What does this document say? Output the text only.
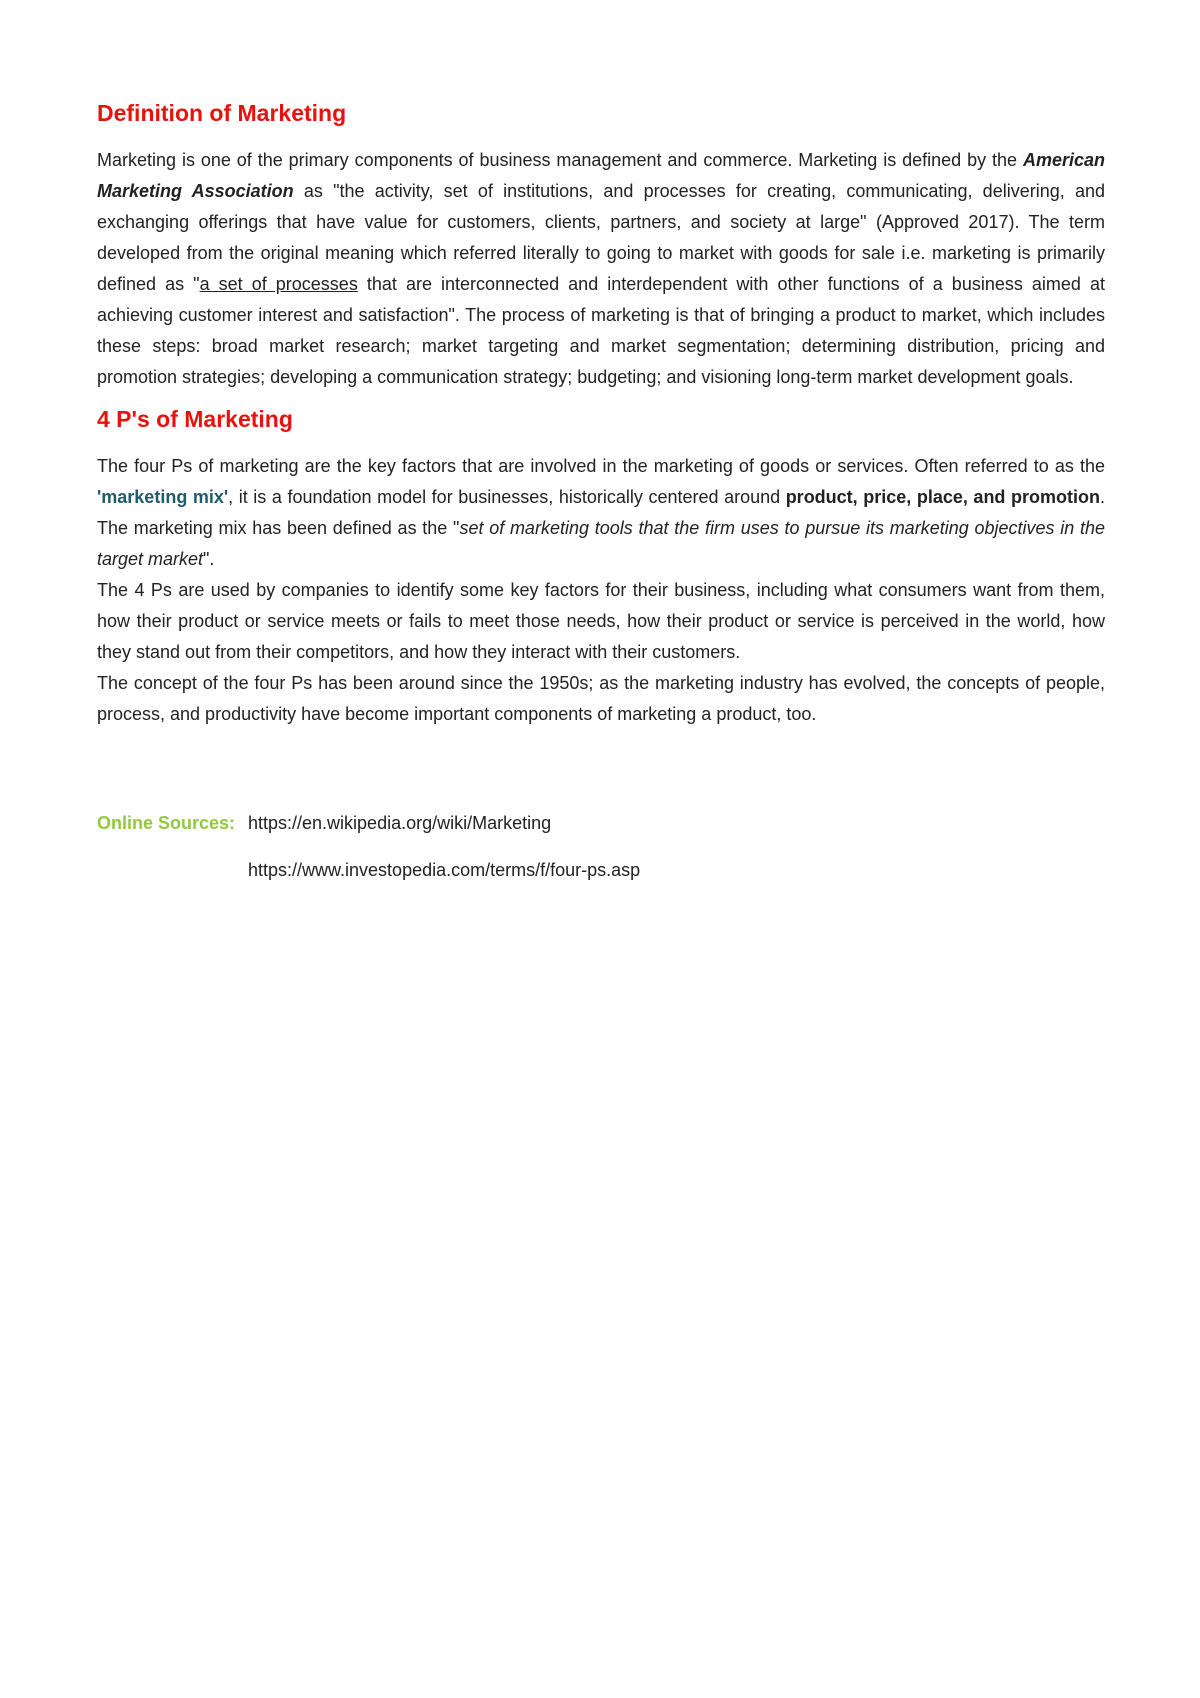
Definition of Marketing

Marketing is one of the primary components of business management and commerce. Marketing is defined by the American Marketing Association as "the activity, set of institutions, and processes for creating, communicating, delivering, and exchanging offerings that have value for customers, clients, partners, and society at large" (Approved 2017). The term developed from the original meaning which referred literally to going to market with goods for sale i.e. marketing is primarily defined as "a set of processes that are interconnected and interdependent with other functions of a business aimed at achieving customer interest and satisfaction". The process of marketing is that of bringing a product to market, which includes these steps: broad market research; market targeting and market segmentation; determining distribution, pricing and promotion strategies; developing a communication strategy; budgeting; and visioning long-term market development goals.

4 P's of Marketing

The four Ps of marketing are the key factors that are involved in the marketing of goods or services. Often referred to as the 'marketing mix', it is a foundation model for businesses, historically centered around product, price, place, and promotion. The marketing mix has been defined as the "set of marketing tools that the firm uses to pursue its marketing objectives in the target market".

The 4 Ps are used by companies to identify some key factors for their business, including what consumers want from them, how their product or service meets or fails to meet those needs, how their product or service is perceived in the world, how they stand out from their competitors, and how they interact with their customers.

The concept of the four Ps has been around since the 1950s; as the marketing industry has evolved, the concepts of people, process, and productivity have become important components of marketing a product, too.

Online Sources: https://en.wikipedia.org/wiki/Marketing
https://www.investopedia.com/terms/f/four-ps.asp
